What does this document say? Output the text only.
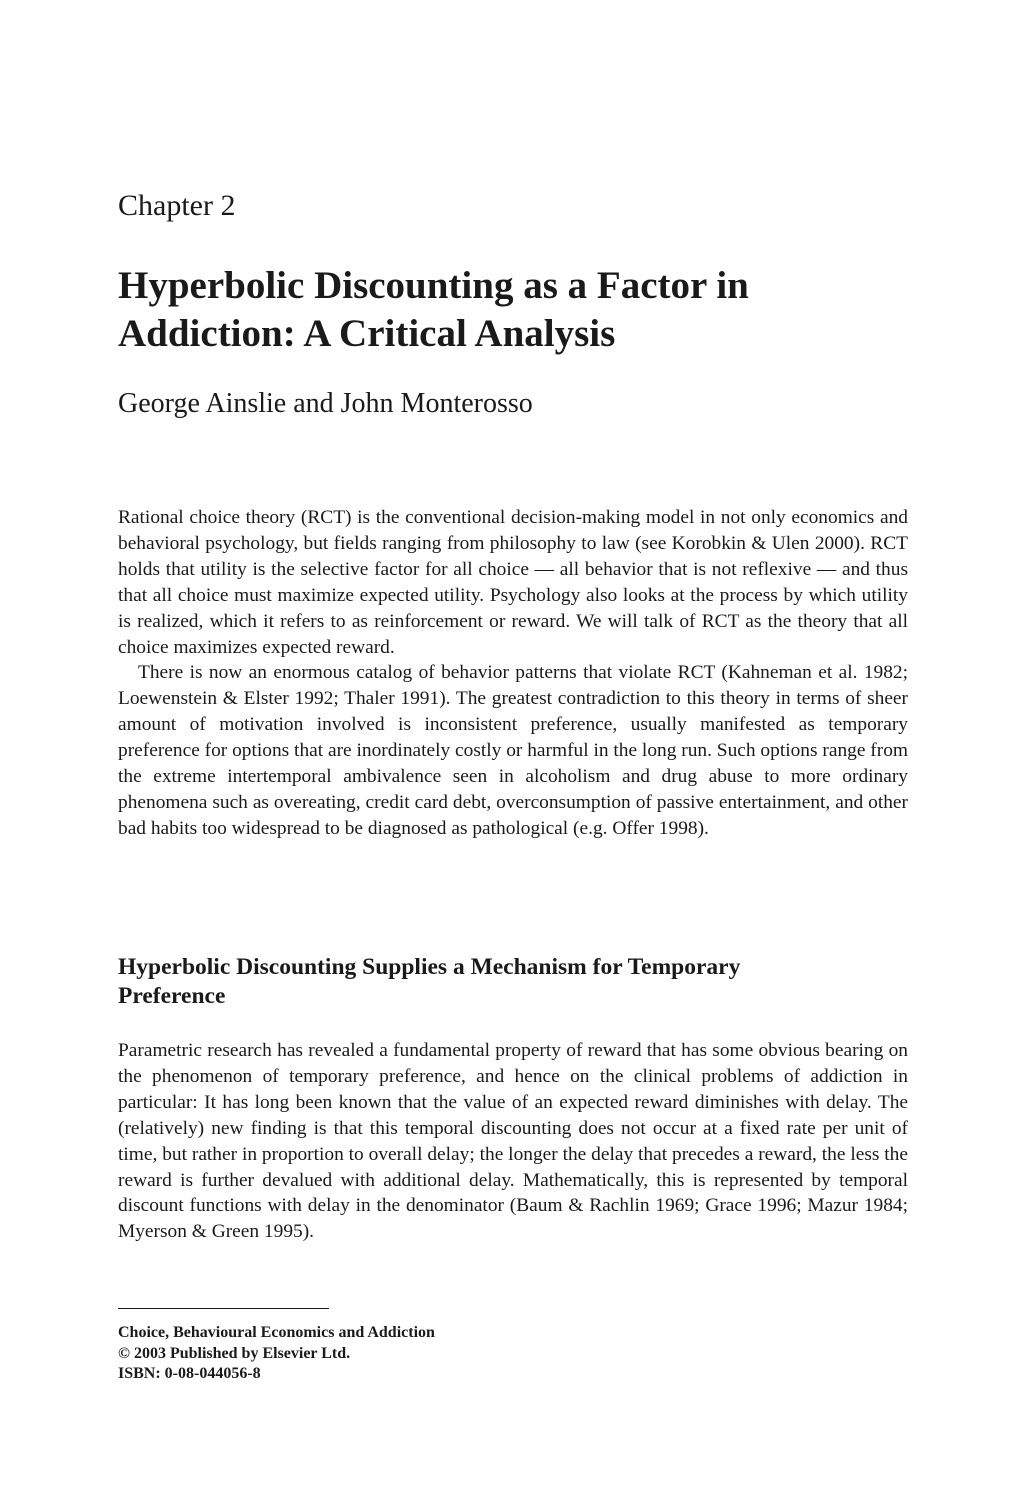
Chapter 2
Hyperbolic Discounting as a Factor in
Addiction: A Critical Analysis
George Ainslie and John Monterosso

Rational choice theory (RCT) is the conventional decision-making model in not only economics and behavioral psychology, but fields ranging from philosophy to law (see Korobkin & Ulen 2000). RCT holds that utility is the selective factor for all choice — all behavior that is not reflexive — and thus that all choice must maximize expected utility. Psychology also looks at the process by which utility is realized, which it refers to as reinforcement or reward. We will talk of RCT as the theory that all choice maximizes expected reward.

There is now an enormous catalog of behavior patterns that violate RCT (Kahneman et al. 1982; Loewenstein & Elster 1992; Thaler 1991). The greatest contradiction to this theory in terms of sheer amount of motivation involved is inconsistent preference, usually manifested as temporary preference for options that are inordinately costly or harmful in the long run. Such options range from the extreme intertemporal ambivalence seen in alcoholism and drug abuse to more ordinary phenomena such as overeating, credit card debt, overconsumption of passive entertainment, and other bad habits too widespread to be diagnosed as pathological (e.g. Offer 1998).

Hyperbolic Discounting Supplies a Mechanism for Temporary
Preference

Parametric research has revealed a fundamental property of reward that has some obvious bearing on the phenomenon of temporary preference, and hence on the clinical problems of addiction in particular: It has long been known that the value of an expected reward diminishes with delay. The (relatively) new finding is that this temporal discounting does not occur at a fixed rate per unit of time, but rather in proportion to overall delay; the longer the delay that precedes a reward, the less the reward is further devalued with additional delay. Mathematically, this is represented by temporal discount functions with delay in the denominator (Baum & Rachlin 1969; Grace 1996; Mazur 1984; Myerson & Green 1995).

Choice, Behavioural Economics and Addiction
© 2003 Published by Elsevier Ltd.
ISBN: 0-08-044056-8
